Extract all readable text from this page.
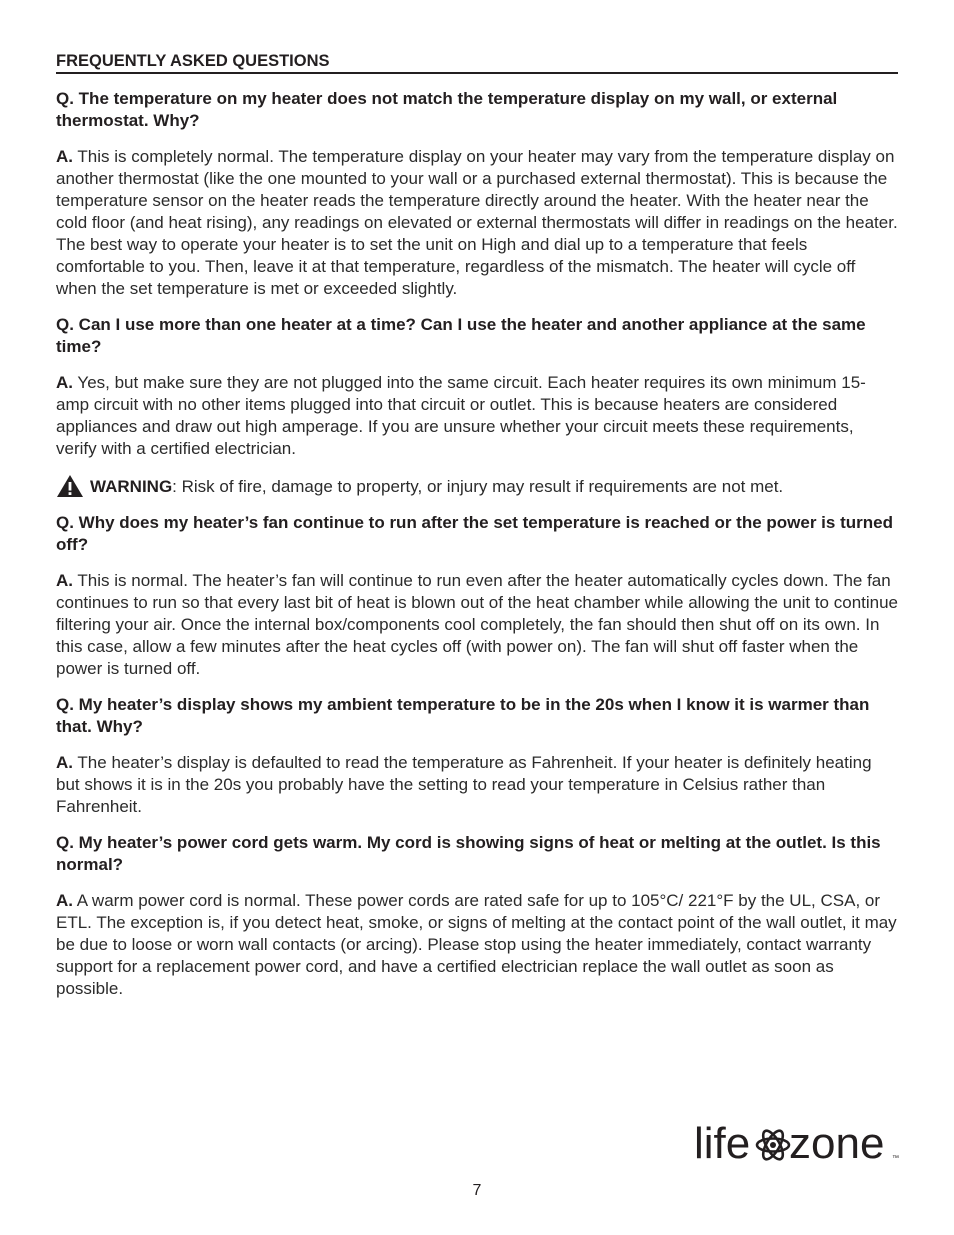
FREQUENTLY ASKED QUESTIONS

Q. The temperature on my heater does not match the temperature display on my wall, or external thermostat. Why?

A. This is completely normal. The temperature display on your heater may vary from the temperature display on another thermostat (like the one mounted to your wall or a purchased external thermostat). This is because the temperature sensor on the heater reads the temperature directly around the heater. With the heater near the cold floor (and heat rising), any readings on elevated or external thermostats will differ in readings on the heater. The best way to operate your heater is to set the unit on High and dial up to a temperature that feels comfortable to you. Then, leave it at that temperature, regardless of the mismatch. The heater will cycle off when the set temperature is met or exceeded slightly.

Q. Can I use more than one heater at a time? Can I use the heater and another appliance at the same time?

A. Yes, but make sure they are not plugged into the same circuit. Each heater requires its own minimum 15-amp circuit with no other items plugged into that circuit or outlet. This is because heaters are considered appliances and draw out high amperage. If you are unsure whether your circuit meets these requirements, verify with a certified electrician.

WARNING: Risk of fire, damage to property, or injury may result if requirements are not met.

Q. Why does my heater’s fan continue to run after the set temperature is reached or the power is turned off?

A. This is normal. The heater’s fan will continue to run even after the heater automatically cycles down. The fan continues to run so that every last bit of heat is blown out of the heat chamber while allowing the unit to continue filtering your air. Once the internal box/components cool completely, the fan should then shut off on its own. In this case, allow a few minutes after the heat cycles off (with power on). The fan will shut off faster when the power is turned off.

Q. My heater’s display shows my ambient temperature to be in the 20s when I know it is warmer than that. Why?

A. The heater’s display is defaulted to read the temperature as Fahrenheit. If your heater is definitely heating but shows it is in the 20s you probably have the setting to read your temperature in Celsius rather than Fahrenheit.

Q. My heater’s power cord gets warm. My cord is showing signs of heat or melting at the outlet. Is this normal?

A. A warm power cord is normal. These power cords are rated safe for up to 105°C/ 221°F by the UL, CSA, or ETL. The exception is, if you detect heat, smoke, or signs of melting at the contact point of the wall outlet, it may be due to loose or worn wall contacts (or arcing). Please stop using the heater immediately, contact warranty support for a replacement power cord, and have a certified electrician replace the wall outlet as soon as possible.

life zone ™
7
